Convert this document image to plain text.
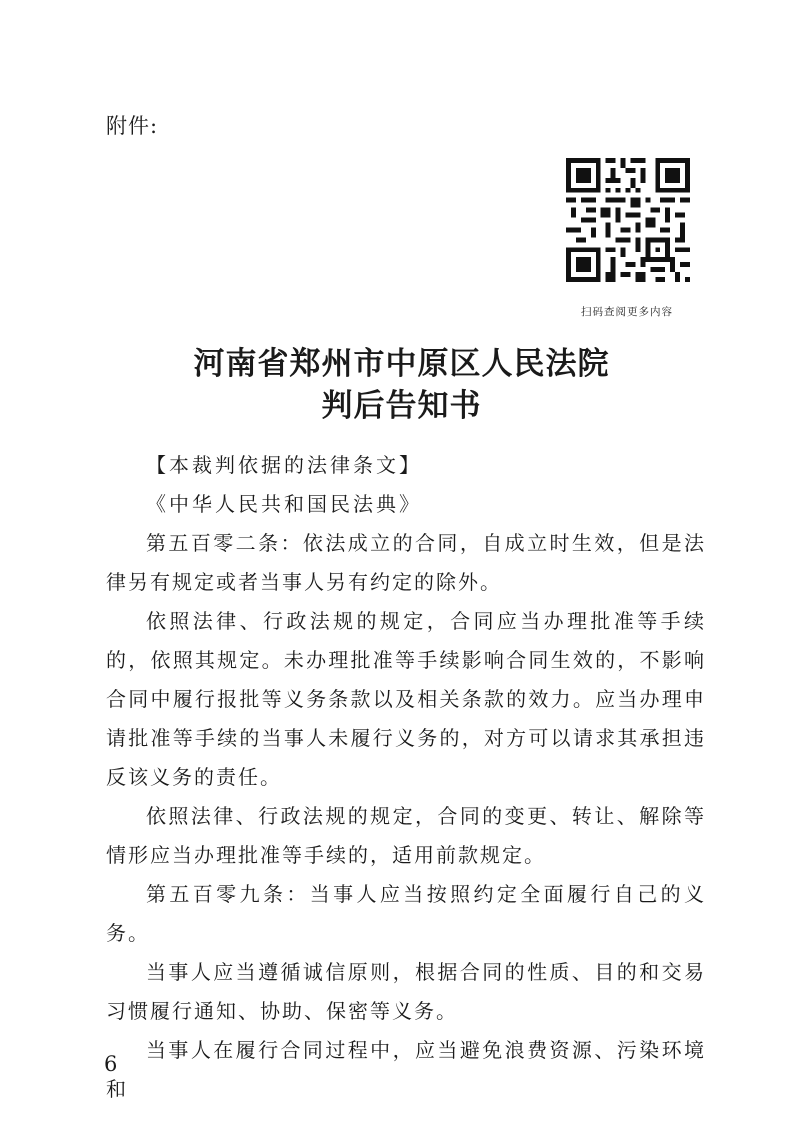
附件:
扫码查阅更多内容
河南省郑州市中原区人民法院
判后告知书

【本裁判依据的法律条文】

《中华人民共和国民法典》

第五百零二条：依法成立的合同，自成立时生效，但是法律另有规定或者当事人另有约定的除外。

依照法律、行政法规的规定，合同应当办理批准等手续的，依照其规定。未办理批准等手续影响合同生效的，不影响合同中履行报批等义务条款以及相关条款的效力。应当办理申请批准等手续的当事人未履行义务的，对方可以请求其承担违反该义务的责任。

依照法律、行政法规的规定，合同的变更、转让、解除等情形应当办理批准等手续的，适用前款规定。

第五百零九条：当事人应当按照约定全面履行自己的义务。

当事人应当遵循诚信原则，根据合同的性质、目的和交易习惯履行通知、协助、保密等义务。

当事人在履行合同过程中，应当避免浪费资源、污染环境和

6
